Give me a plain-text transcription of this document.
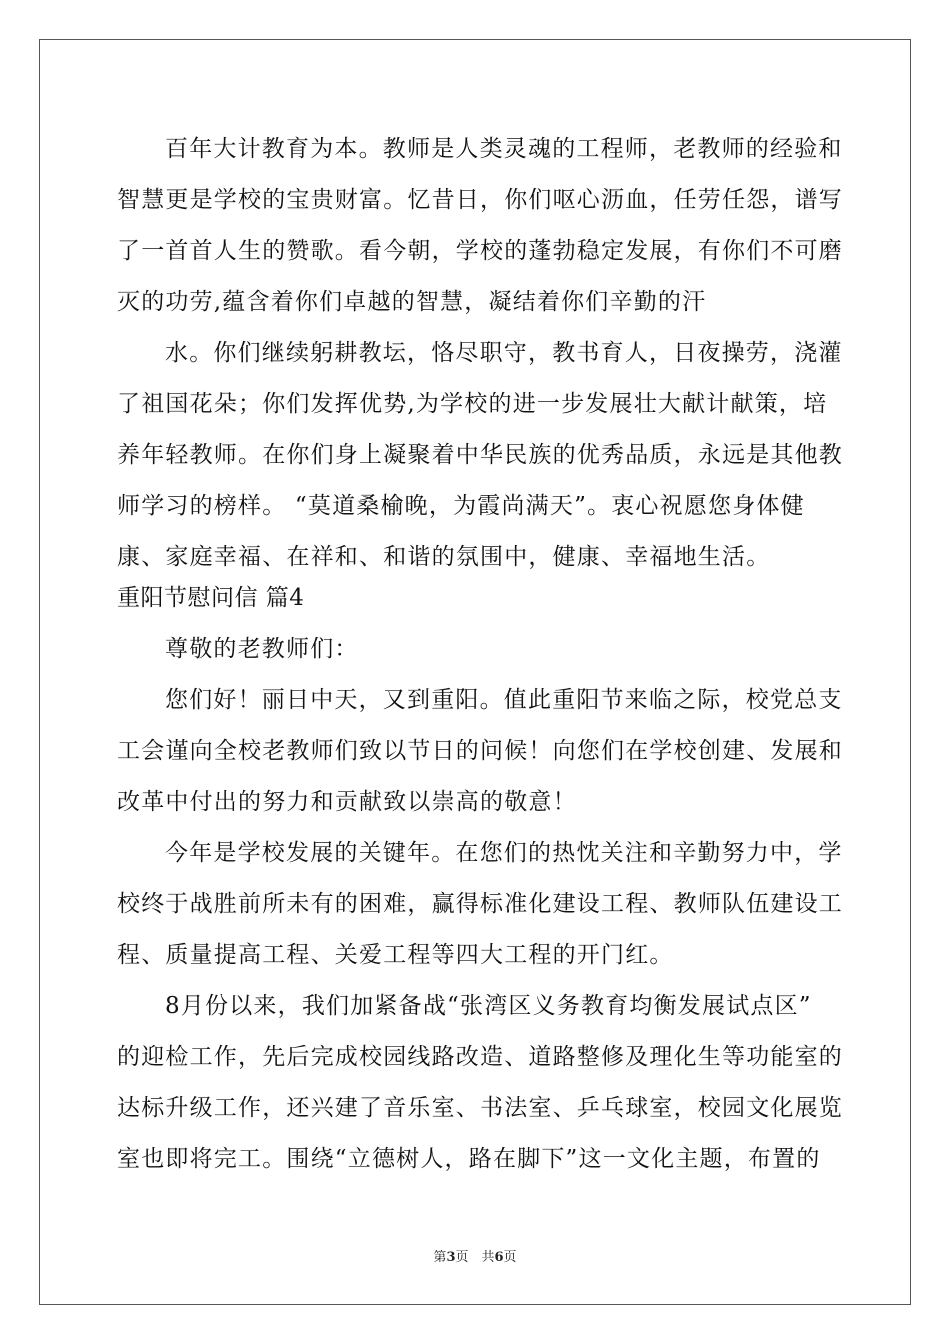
百年大计教育为本。教师是人类灵魂的工程师，老教师的经验和
智慧更是学校的宝贵财富。忆昔日，你们呕心沥血，任劳任怨，谱写
了一首首人生的赞歌。看今朝，学校的蓬勃稳定发展，有你们不可磨
灭的功劳,蕴含着你们卓越的智慧，凝结着你们辛勤的汗
水。你们继续躬耕教坛，恪尽职守，教书育人，日夜操劳，浇灌
了祖国花朵；你们发挥优势,为学校的进一步发展壮大献计献策，培
养年轻教师。在你们身上凝聚着中华民族的优秀品质，永远是其他教
师学习的榜样。 “莫道桑榆晚，为霞尚满天”。衷心祝愿您身体健
康、家庭幸福、在祥和、和谐的氛围中，健康、幸福地生活。
重阳节慰问信 篇4
尊敬的老教师们：
您们好！丽日中天，又到重阳。值此重阳节来临之际，校党总支
工会谨向全校老教师们致以节日的问候！向您们在学校创建、发展和
改革中付出的努力和贡献致以崇高的敬意！
今年是学校发展的关键年。在您们的热忱关注和辛勤努力中，学
校终于战胜前所未有的困难，赢得标准化建设工程、教师队伍建设工
程、质量提高工程、关爱工程等四大工程的开门红。
8月份以来，我们加紧备战“张湾区义务教育均衡发展试点区”
的迎检工作，先后完成校园线路改造、道路整修及理化生等功能室的
达标升级工作，还兴建了音乐室、书法室、乒乓球室，校园文化展览
室也即将完工。围绕“立德树人，路在脚下”这一文化主题，布置的
第3页　共6页
